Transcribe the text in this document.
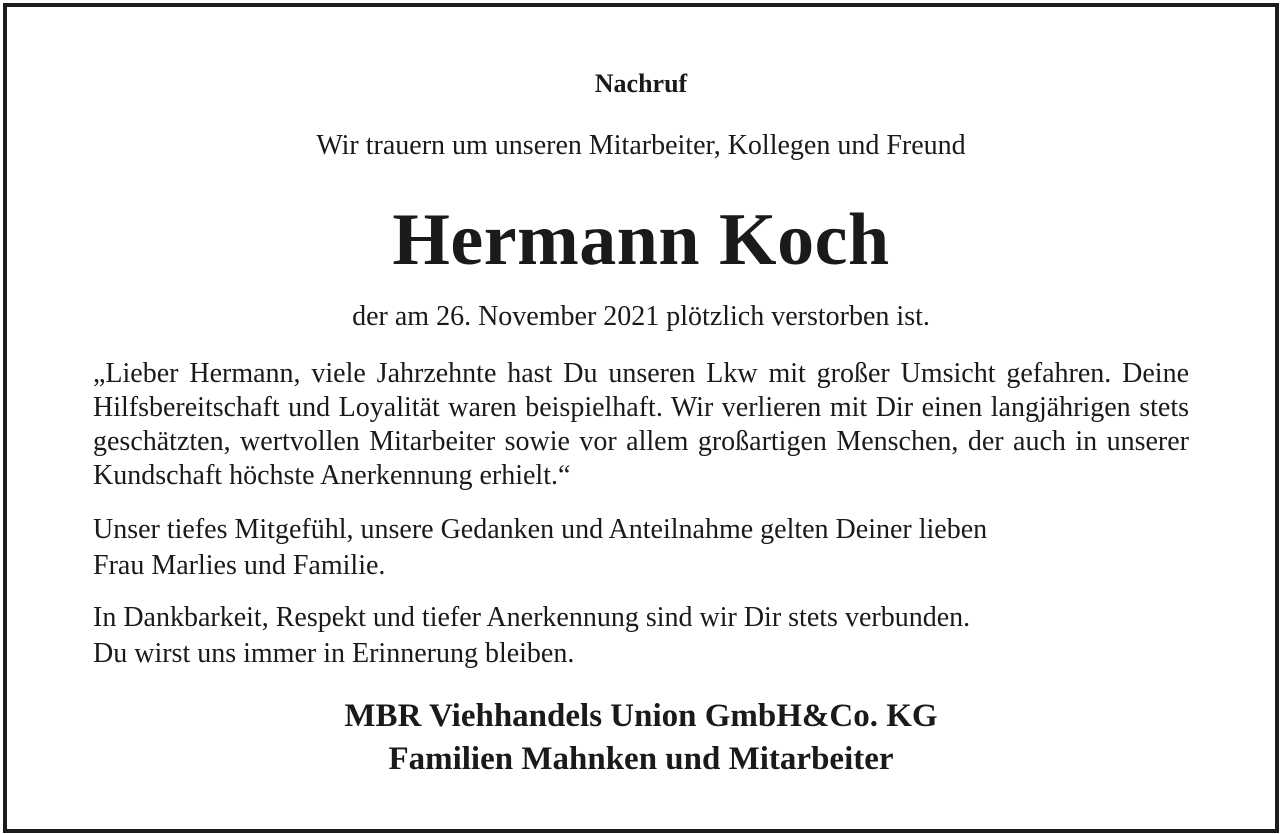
Nachruf

Wir trauern um unseren Mitarbeiter, Kollegen und Freund

Hermann Koch

der am 26. November 2021 plötzlich verstorben ist.

„Lieber Hermann, viele Jahrzehnte hast Du unseren Lkw mit großer Umsicht gefahren. Deine Hilfsbereitschaft und Loyalität waren beispielhaft. Wir verlieren mit Dir einen langjährigen stets geschätzten, wertvollen Mitarbeiter sowie vor allem großartigen Menschen, der auch in unserer Kundschaft höchste Anerkennung erhielt.“

Unser tiefes Mitgefühl, unsere Gedanken und Anteilnahme gelten Deiner lieben
Frau Marlies und Familie.

In Dankbarkeit, Respekt und tiefer Anerkennung sind wir Dir stets verbunden.
Du wirst uns immer in Erinnerung bleiben.

MBR Viehhandels Union GmbH&Co. KG

Familien Mahnken und Mitarbeiter
